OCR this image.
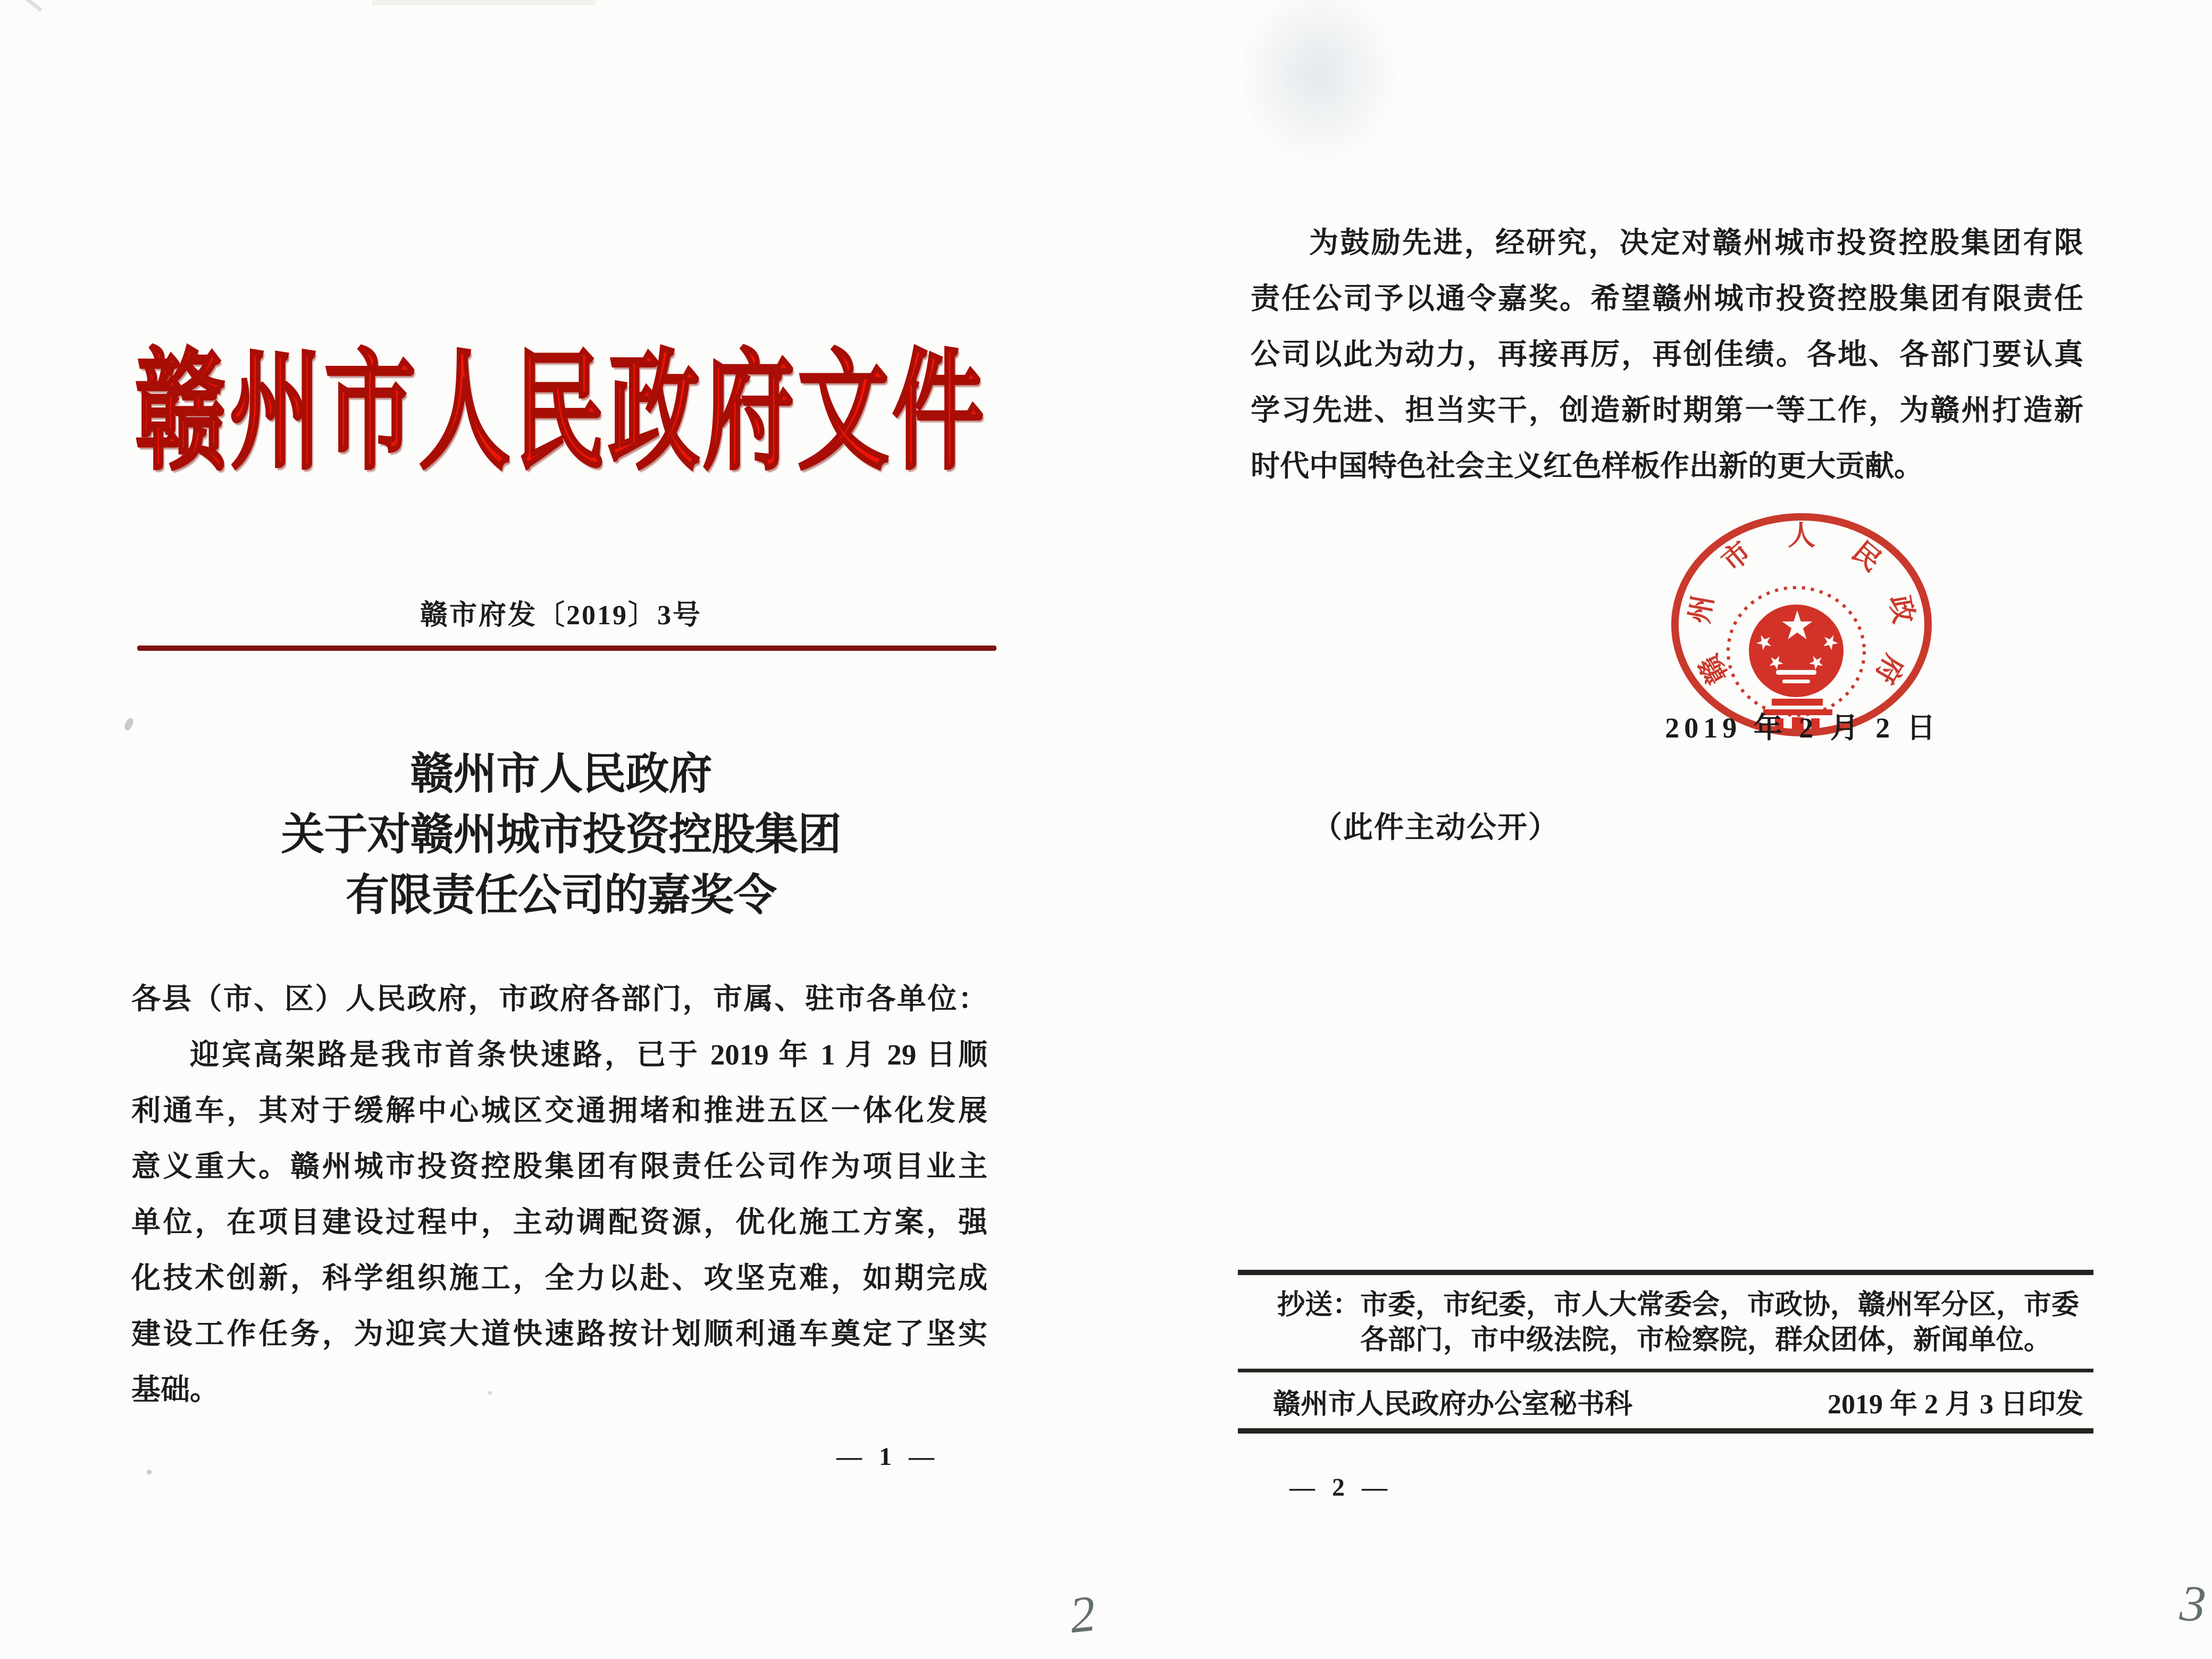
赣州市人民政府文件
赣市府发〔2019〕3号
赣州市人民政府
关于对赣州城市投资控股集团
有限责任公司的嘉奖令
各县（市、区）人民政府，市政府各部门，市属、驻市各单位：
迎宾高架路是我市首条快速路，已于 2019 年 1 月 29 日顺
利通车，其对于缓解中心城区交通拥堵和推进五区一体化发展
意义重大。赣州城市投资控股集团有限责任公司作为项目业主
单位，在项目建设过程中，主动调配资源，优化施工方案，强
化技术创新，科学组织施工，全力以赴、攻坚克难，如期完成
建设工作任务，为迎宾大道快速路按计划顺利通车奠定了坚实
基础。
— 1 —
为鼓励先进，经研究，决定对赣州城市投资控股集团有限
责任公司予以通令嘉奖。希望赣州城市投资控股集团有限责任
公司以此为动力，再接再厉，再创佳绩。各地、各部门要认真
学习先进、担当实干，创造新时期第一等工作，为赣州打造新
时代中国特色社会主义红色样板作出新的更大贡献。
赣
州
市
人
民
政
府
2019 年 2 月 2 日
（此件主动公开）
抄送： 市委，市纪委，市人大常委会，市政协，赣州军分区，市委
各部门，市中级法院，市检察院，群众团体，新闻单位。
赣州市人民政府办公室秘书科	2019 年 2 月 3 日印发
— 2 —
2	3
